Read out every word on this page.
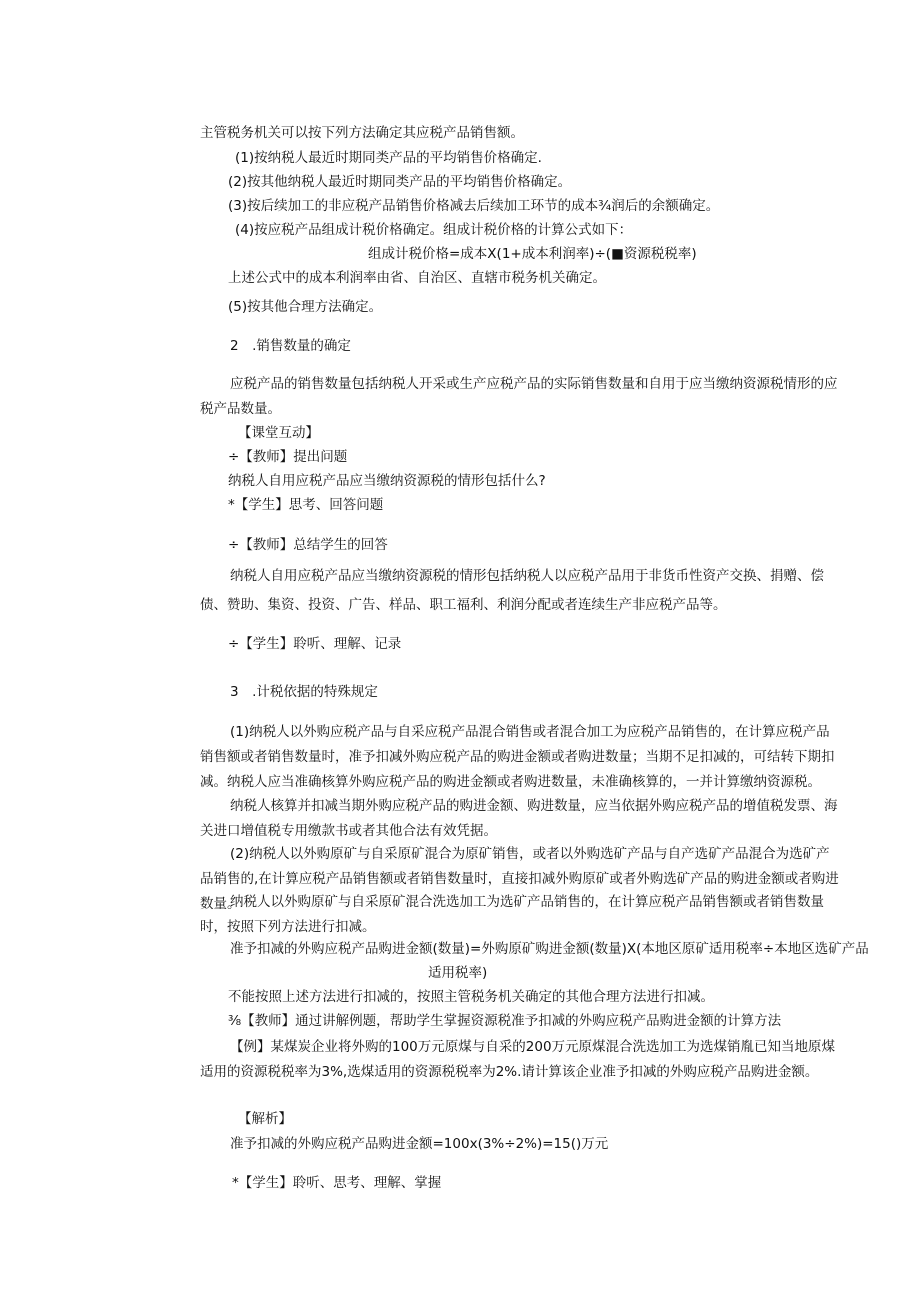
主管税务机关可以按下列方法确定其应税产品销售额。

(1)按纳税人最近时期同类产品的平均销售价格确定.

(2)按其他纳税人最近时期同类产品的平均销售价格确定。

(3)按后续加工的非应税产品销售价格减去后续加工环节的成本¾润后的余额确定。

(4)按应税产品组成计税价格确定。组成计税价格的计算公式如下：

组成计税价格=成本X(1+成本利润率)÷(■资源税税率)

上述公式中的成本利润率由省、自治区、直辖市税务机关确定。

(5)按其他合理方法确定。

2　.销售数量的确定

应税产品的销售数量包括纳税人开采或生产应税产品的实际销售数量和自用于应当缴纳资源税情形的应税产品数量。

【课堂互动】

÷【教师】提出问题

纳税人自用应税产品应当缴纳资源税的情形包括什么?

*【学生】思考、回答问题

÷【教师】总结学生的回答

纳税人自用应税产品应当缴纳资源税的情形包括纳税人以应税产品用于非货币性资产交换、捐赠、偿债、赞助、集资、投资、广告、样品、职工福利、利润分配或者连续生产非应税产品等。

÷【学生】聆听、理解、记录

3　.计税依据的特殊规定

(1)纳税人以外购应税产品与自采应税产品混合销售或者混合加工为应税产品销售的，在计算应税产品销售额或者销售数量时，准予扣减外购应税产品的购进金额或者购进数量；当期不足扣减的，可结转下期扣减。纳税人应当准确核算外购应税产品的购进金额或者购进数量，未准确核算的，一并计算缴纳资源税。

纳税人核算并扣减当期外购应税产品的购进金额、购进数量，应当依据外购应税产品的增值税发票、海关进口增值税专用缴款书或者其他合法有效凭据。

(2)纳税人以外购原矿与自采原矿混合为原矿销售，或者以外购选矿产品与自产选矿产品混合为选矿产品销售的,在计算应税产品销售额或者销售数量时，直接扣减外购原矿或者外购选矿产品的购进金额或者购进数量。

纳税人以外购原矿与自采原矿混合洗选加工为选矿产品销售的，在计算应税产品销售额或者销售数量时，按照下列方法进行扣减。

准予扣减的外购应税产品购进金额(数量)=外购原矿购进金额(数量)X(本地区原矿适用税率÷本地区选矿产品

适用税率)

不能按照上述方法进行扣减的，按照主管税务机关确定的其他合理方法进行扣减。

⅜【教师】通过讲解例题，帮助学生掌握资源税准予扣减的外购应税产品购进金额的计算方法

【例】某煤炭企业将外购的100万元原煤与自采的200万元原煤混合洗选加工为选煤销胤已知当地原煤适用的资源税税率为3%,选煤适用的资源税税率为2%.请计算该企业准予扣减的外购应税产品购进金额。

【解析】

准予扣减的外购应税产品购进金额=100x(3%÷2%)=15()万元

*【学生】聆听、思考、理解、掌握
